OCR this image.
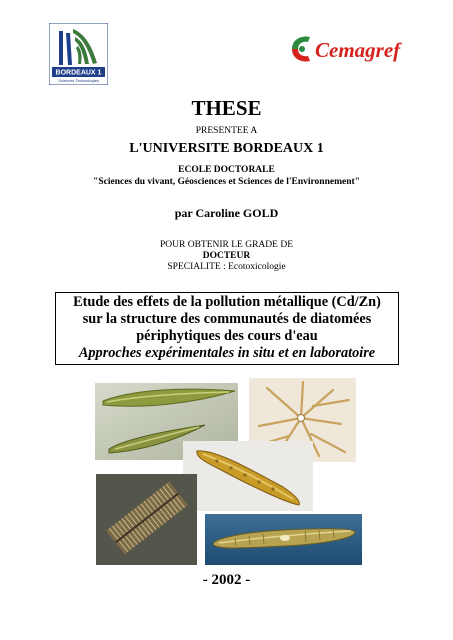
BORDEAUX 1
Sciences Technologies
Cemagref
THESE
PRESENTEE A
L'UNIVERSITE BORDEAUX 1
ECOLE DOCTORALE
"Sciences du vivant, Géosciences et Sciences de l'Environnement"
par Caroline GOLD
POUR OBTENIR LE GRADE DE
DOCTEUR
SPECIALITE : Ecotoxicologie
Etude des effets de la pollution métallique (Cd/Zn)
sur la structure des communautés de diatomées
périphytiques des cours d'eau
Approches expérimentales in situ et en laboratoire
- 2002 -
